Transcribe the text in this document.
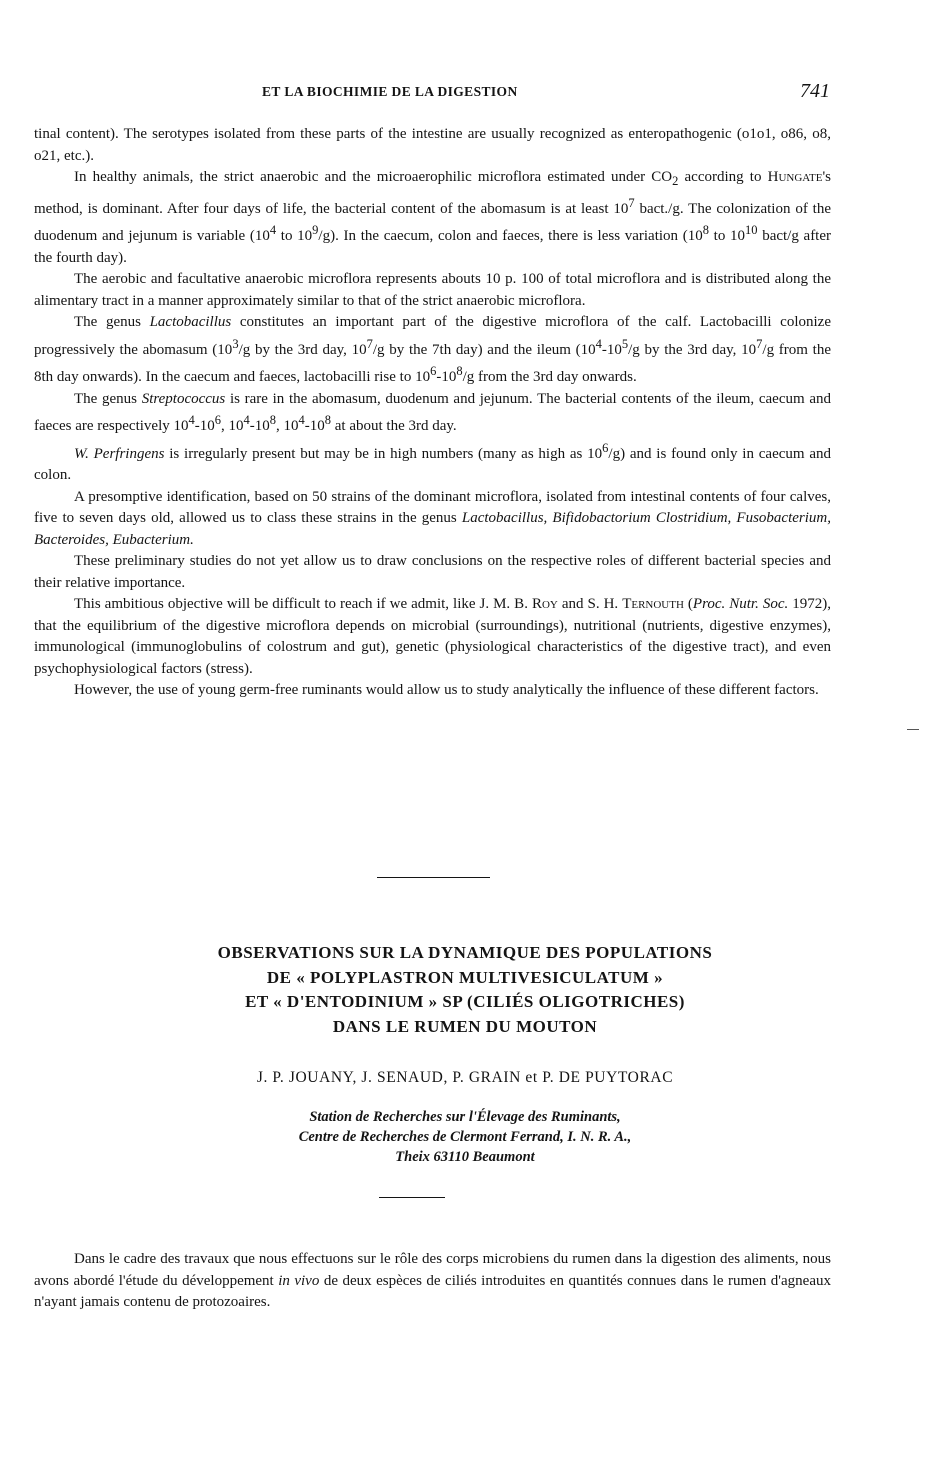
ET LA BIOCHIMIE DE LA DIGESTION	741

tinal content). The serotypes isolated from these parts of the intestine are usually recognized as enteropathogenic (o1o1, o86, o8, o21, etc.).

In healthy animals, the strict anaerobic and the microaerophilic microflora estimated under $CO_2$ according to Hungate's method, is dominant. After four days of life, the bacterial content of the abomasum is at least $10^7$ bact./g. The colonization of the duodenum and jejunum is variable ($10^4$ to $10^9/g$). In the caecum, colon and faeces, there is less variation ($10^8$ to $10^{10}$ bact/g after the fourth day).

The aerobic and facultative anaerobic microflora represents abouts 10 p. 100 of total microflora and is distributed along the alimentary tract in a manner approximately similar to that of the strict anaerobic microflora.

The genus Lactobacillus constitutes an important part of the digestive microflora of the calf. Lactobacilli colonize progressively the abomasum ($10^3/g$ by the 3rd day, $10^7/g$ by the 7th day) and the ileum ($10^4-10^5/g$ by the 3rd day, $10^7/g$ from the 8th day onwards). In the caecum and faeces, lactobacilli rise to $10^6-10^8/g$ from the 3rd day onwards.

The genus Streptococcus is rare in the abomasum, duodenum and jejunum. The bacterial contents of the ileum, caecum and faeces are respectively $10^4-10^6$, $10^4-10^8$, $10^4-10^8$ at about the 3rd day.

W. Perfringens is irregularly present but may be in high numbers (many as high as $10^6/g$) and is found only in caecum and colon.

A presomptive identification, based on 50 strains of the dominant microflora, isolated from intestinal contents of four calves, five to seven days old, allowed us to class these strains in the genus Lactobacillus, Bifidobactorium Clostridium, Fusobacterium, Bacteroides, Eubacterium.

These preliminary studies do not yet allow us to draw conclusions on the respective roles of different bacterial species and their relative importance.

This ambitious objective will be difficult to reach if we admit, like J. M. B. Roy and S. H. Ternouth (Proc. Nutr. Soc. 1972), that the equilibrium of the digestive microflora depends on microbial (surroundings), nutritional (nutrients, digestive enzymes), immunological (immunoglobulins of colostrum and gut), genetic (physiological characteristics of the digestive tract), and even psychophysiological factors (stress).

However, the use of young germ-free ruminants would allow us to study analytically the influence of these different factors.

OBSERVATIONS SUR LA DYNAMIQUE DES POPULATIONS
DE « POLYPLASTRON MULTIVESICULATUM »
ET « D'ENTODINIUM » SP (CILIÉS OLIGOTRICHES)
DANS LE RUMEN DU MOUTON
J. P. JOUANY, J. SENAUD, P. GRAIN et P. DE PUYTORAC
Station de Recherches sur l'Élevage des Ruminants,
Centre de Recherches de Clermont Ferrand, I. N. R. A.,
Theix 63110 Beaumont

Dans le cadre des travaux que nous effectuons sur le rôle des corps microbiens du rumen dans la digestion des aliments, nous avons abordé l'étude du développement in vivo de deux espèces de ciliés introduites en quantités connues dans le rumen d'agneaux n'ayant jamais contenu de protozoaires.
